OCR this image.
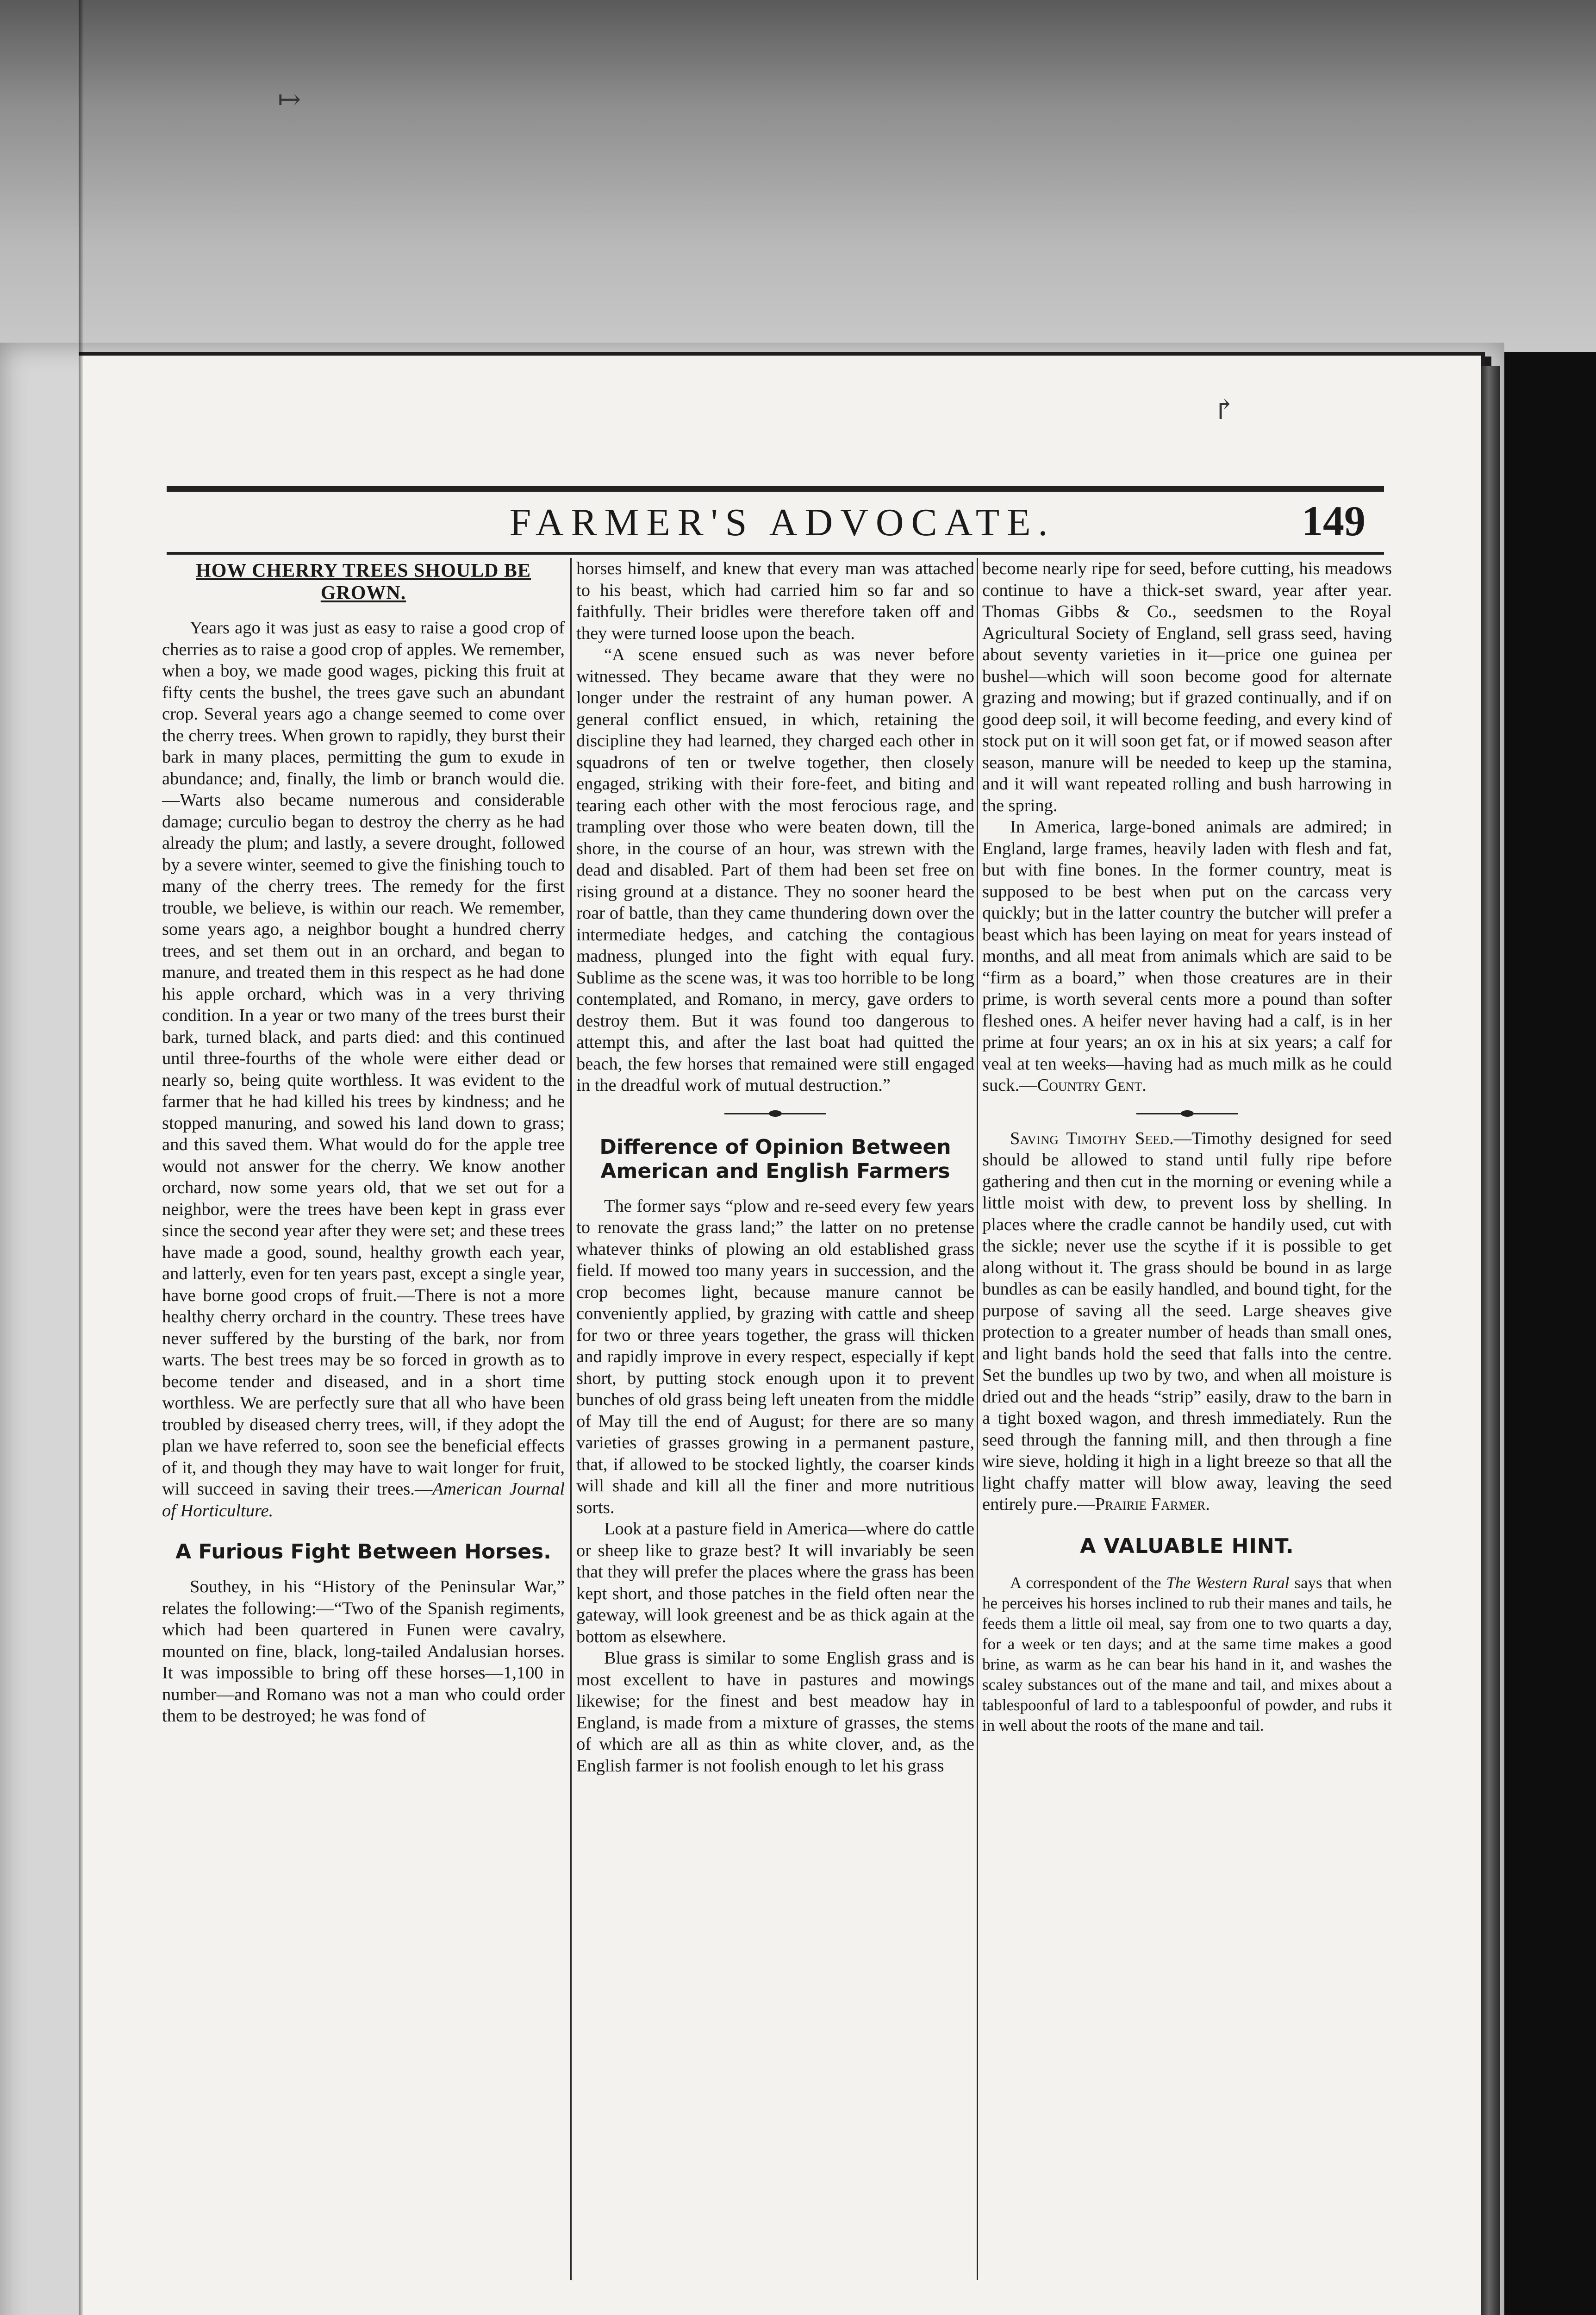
↱
↦
FARMER'S ADVOCATE.	149
HOW CHERRY TREES SHOULD BE GROWN.

Years ago it was just as easy to raise a good crop of cherries as to raise a good crop of apples. We remember, when a boy, we made good wages, picking this fruit at fifty cents the bushel, the trees gave such an abundant crop. Several years ago a change seemed to come over the cherry trees. When grown to rapidly, they burst their bark in many places, permitting the gum to exude in abundance; and, finally, the limb or branch would die.—Warts also became numerous and considerable damage; curculio began to destroy the cherry as he had already the plum; and lastly, a severe drought, followed by a severe winter, seemed to give the finishing touch to many of the cherry trees. The remedy for the first trouble, we believe, is within our reach. We remember, some years ago, a neighbor bought a hundred cherry trees, and set them out in an orchard, and began to manure, and treated them in this respect as he had done his apple orchard, which was in a very thriving condition. In a year or two many of the trees burst their bark, turned black, and parts died: and this continued until three-fourths of the whole were either dead or nearly so, being quite worthless. It was evident to the farmer that he had killed his trees by kindness; and he stopped manuring, and sowed his land down to grass; and this saved them. What would do for the apple tree would not answer for the cherry. We know another orchard, now some years old, that we set out for a neighbor, were the trees have been kept in grass ever since the second year after they were set; and these trees have made a good, sound, healthy growth each year, and latterly, even for ten years past, except a single year, have borne good crops of fruit.—There is not a more healthy cherry orchard in the country. These trees have never suffered by the bursting of the bark, nor from warts. The best trees may be so forced in growth as to become tender and diseased, and in a short time worthless. We are perfectly sure that all who have been troubled by diseased cherry trees, will, if they adopt the plan we have referred to, soon see the beneficial effects of it, and though they may have to wait longer for fruit, will succeed in saving their trees.—American Journal of Horticulture.

A Furious Fight Between Horses.

Southey, in his “History of the Peninsular War,” relates the following:—“Two of the Spanish regiments, which had been quartered in Funen were cavalry, mounted on fine, black, long-tailed Andalusian horses. It was impossible to bring off these horses—1,100 in number—and Romano was not a man who could order them to be destroyed; he was fond of

horses himself, and knew that every man was attached to his beast, which had carried him so far and so faithfully. Their bridles were therefore taken off and they were turned loose upon the beach.

“A scene ensued such as was never before witnessed. They became aware that they were no longer under the restraint of any human power. A general conflict ensued, in which, retaining the discipline they had learned, they charged each other in squadrons of ten or twelve together, then closely engaged, striking with their fore-feet, and biting and tearing each other with the most ferocious rage, and trampling over those who were beaten down, till the shore, in the course of an hour, was strewn with the dead and disabled. Part of them had been set free on rising ground at a distance. They no sooner heard the roar of battle, than they came thundering down over the intermediate hedges, and catching the contagious madness, plunged into the fight with equal fury. Sublime as the scene was, it was too horrible to be long contemplated, and Romano, in mercy, gave orders to destroy them. But it was found too dangerous to attempt this, and after the last boat had quitted the beach, the few horses that remained were still engaged in the dreadful work of mutual destruction.”

Difference of Opinion Between American and English Farmers

The former says “plow and re-seed every few years to renovate the grass land;” the latter on no pretense whatever thinks of plowing an old established grass field. If mowed too many years in succession, and the crop becomes light, because manure cannot be conveniently applied, by grazing with cattle and sheep for two or three years together, the grass will thicken and rapidly improve in every respect, especially if kept short, by putting stock enough upon it to prevent bunches of old grass being left uneaten from the middle of May till the end of August; for there are so many varieties of grasses growing in a permanent pasture, that, if allowed to be stocked lightly, the coarser kinds will shade and kill all the finer and more nutritious sorts.

Look at a pasture field in America—where do cattle or sheep like to graze best? It will invariably be seen that they will prefer the places where the grass has been kept short, and those patches in the field often near the gateway, will look greenest and be as thick again at the bottom as elsewhere.

Blue grass is similar to some English grass and is most excellent to have in pastures and mowings likewise; for the finest and best meadow hay in England, is made from a mixture of grasses, the stems of which are all as thin as white clover, and, as the English farmer is not foolish enough to let his grass

become nearly ripe for seed, before cutting, his meadows continue to have a thick-set sward, year after year. Thomas Gibbs & Co., seedsmen to the Royal Agricultural Society of England, sell grass seed, having about seventy varieties in it—price one guinea per bushel—which will soon become good for alternate grazing and mowing; but if grazed continually, and if on good deep soil, it will become feeding, and every kind of stock put on it will soon get fat, or if mowed season after season, manure will be needed to keep up the stamina, and it will want repeated rolling and bush harrowing in the spring.

In America, large-boned animals are admired; in England, large frames, heavily laden with flesh and fat, but with fine bones. In the former country, meat is supposed to be best when put on the carcass very quickly; but in the latter country the butcher will prefer a beast which has been laying on meat for years instead of months, and all meat from animals which are said to be “firm as a board,” when those creatures are in their prime, is worth several cents more a pound than softer fleshed ones. A heifer never having had a calf, is in her prime at four years; an ox in his at six years; a calf for veal at ten weeks—having had as much milk as he could suck.—Country Gent.

Saving Timothy Seed.—Timothy designed for seed should be allowed to stand until fully ripe before gathering and then cut in the morning or evening while a little moist with dew, to prevent loss by shelling. In places where the cradle cannot be handily used, cut with the sickle; never use the scythe if it is possible to get along without it. The grass should be bound in as large bundles as can be easily handled, and bound tight, for the purpose of saving all the seed. Large sheaves give protection to a greater number of heads than small ones, and light bands hold the seed that falls into the centre. Set the bundles up two by two, and when all moisture is dried out and the heads “strip” easily, draw to the barn in a tight boxed wagon, and thresh immediately. Run the seed through the fanning mill, and then through a fine wire sieve, holding it high in a light breeze so that all the light chaffy matter will blow away, leaving the seed entirely pure.—Prairie Farmer.

A VALUABLE HINT.

A correspondent of the The Western Rural says that when he perceives his horses inclined to rub their manes and tails, he feeds them a little oil meal, say from one to two quarts a day, for a week or ten days; and at the same time makes a good brine, as warm as he can bear his hand in it, and washes the scaley substances out of the mane and tail, and mixes about a tablespoonful of lard to a tablespoonful of powder, and rubs it in well about the roots of the mane and tail.
